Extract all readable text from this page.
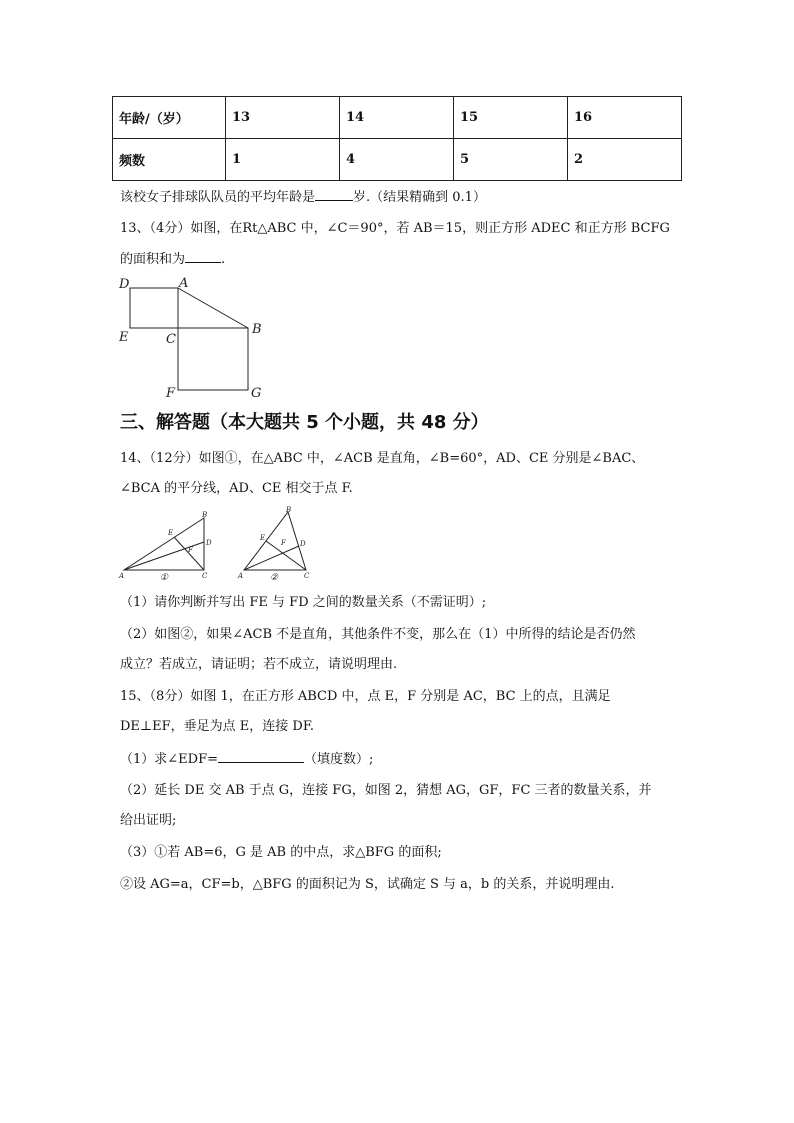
年龄/（岁）	13	14	15	16
频数	1	4	5	2
该校女子排球队队员的平均年龄是	岁.（结果精确到 0.1）
13、（4分）如图，在Rt△ABC 中，∠C＝90°，若 AB＝15，则正方形 ADEC 和正方形 BCFG
的面积和为	.
D	A
E	C
B
F	G
三、解答题（本大题共 5 个小题，共 48 分）
14、（12分）如图①，在△ABC 中，∠ACB 是直角，∠B=60°，AD、CE 分别是∠BAC、
∠BCA 的平分线，AD、CE 相交于点 F.
B
E
F
D
A	C
①
B
E
F D
A	C
②
（1）请你判断并写出 FE 与 FD 之间的数量关系（不需证明）;
（2）如图②，如果∠ACB 不是直角，其他条件不变，那么在（1）中所得的结论是否仍然
成立？若成立，请证明；若不成立，请说明理由.
15、（8分）如图 1，在正方形 ABCD 中，点 E，F 分别是 AC，BC 上的点，且满足
DE⊥EF，垂足为点 E，连接 DF.
（1）求∠EDF=	（填度数）;
（2）延长 DE 交 AB 于点 G，连接 FG，如图 2，猜想 AG，GF，FC 三者的数量关系，并
给出证明;
（3）①若 AB=6，G 是 AB 的中点，求△BFG 的面积;
②设 AG=a，CF=b，△BFG 的面积记为 S，试确定 S 与 a，b 的关系，并说明理由.
